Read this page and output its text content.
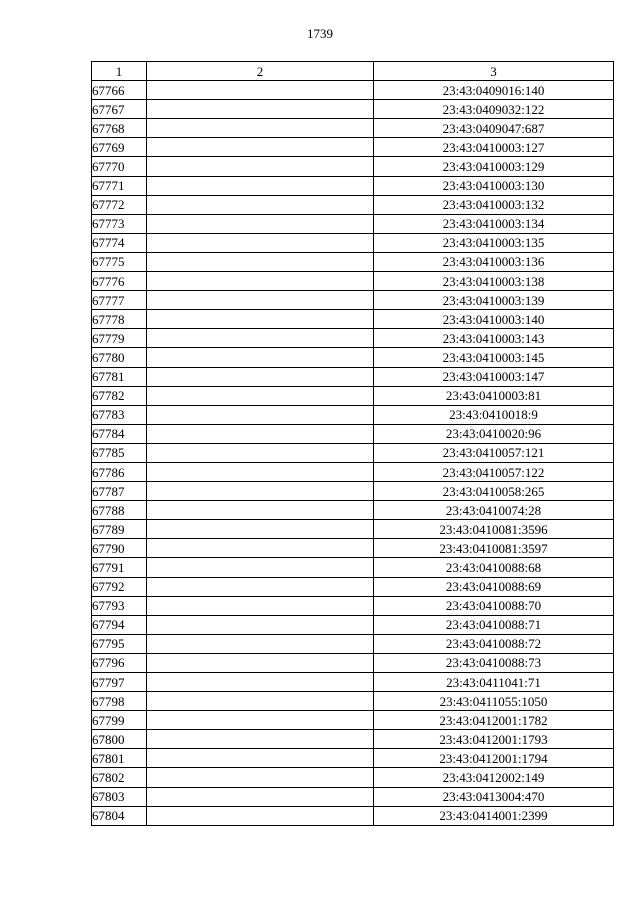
1739
1	2	3
67766		23:43:0409016:140
67767		23:43:0409032:122
67768		23:43:0409047:687
67769		23:43:0410003:127
67770		23:43:0410003:129
67771		23:43:0410003:130
67772		23:43:0410003:132
67773		23:43:0410003:134
67774		23:43:0410003:135
67775		23:43:0410003:136
67776		23:43:0410003:138
67777		23:43:0410003:139
67778		23:43:0410003:140
67779		23:43:0410003:143
67780		23:43:0410003:145
67781		23:43:0410003:147
67782		23:43:0410003:81
67783		23:43:0410018:9
67784		23:43:0410020:96
67785		23:43:0410057:121
67786		23:43:0410057:122
67787		23:43:0410058:265
67788		23:43:0410074:28
67789		23:43:0410081:3596
67790		23:43:0410081:3597
67791		23:43:0410088:68
67792		23:43:0410088:69
67793		23:43:0410088:70
67794		23:43:0410088:71
67795		23:43:0410088:72
67796		23:43:0410088:73
67797		23:43:0411041:71
67798		23:43:0411055:1050
67799		23:43:0412001:1782
67800		23:43:0412001:1793
67801		23:43:0412001:1794
67802		23:43:0412002:149
67803		23:43:0413004:470
67804		23:43:0414001:2399
